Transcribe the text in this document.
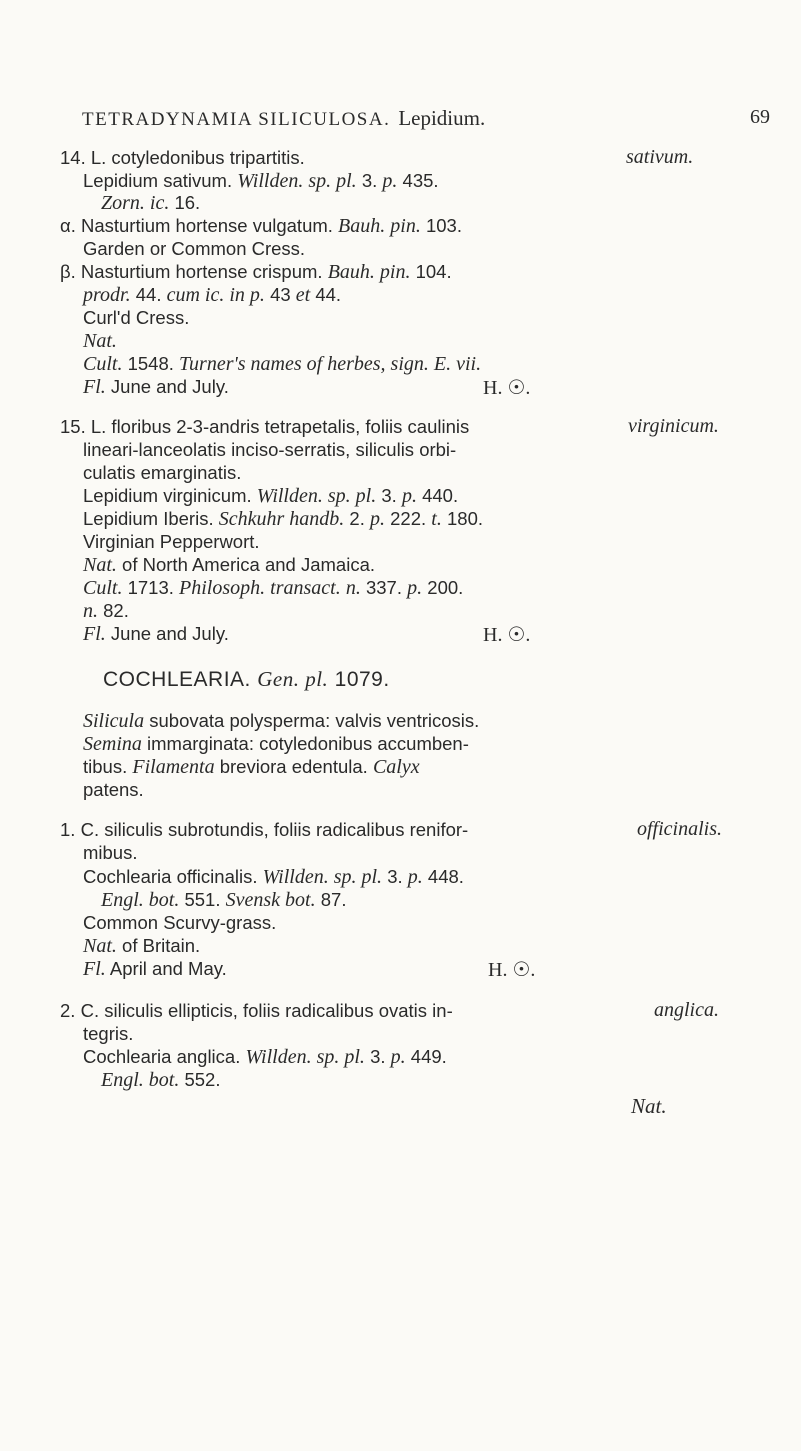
TETRADYNAMIA SILICULOSA. Lepidium.	69
14. L. cotyledonibus tripartitis.	sativum.
Lepidium sativum. Willden. sp. pl. 3. p. 435.
Zorn. ic. 16.
α. Nasturtium hortense vulgatum. Bauh. pin. 103.
Garden or Common Cress.
β. Nasturtium hortense crispum. Bauh. pin. 104.
prodr. 44. cum ic. in p. 43 et 44.
Curl'd Cress.
Nat.
Cult. 1548. Turner's names of herbes, sign. E. vii.
Fl. June and July.	H. ☉.
15. L. floribus 2-3-andris tetrapetalis, foliis caulinis	virginicum.
lineari-lanceolatis inciso-serratis, siliculis orbi-
culatis emarginatis.
Lepidium virginicum. Willden. sp. pl. 3. p. 440.
Lepidium Iberis. Schkuhr handb. 2. p. 222. t. 180.
Virginian Pepperwort.
Nat. of North America and Jamaica.
Cult. 1713. Philosoph. transact. n. 337. p. 200.
n. 82.
Fl. June and July.	H. ☉.
COCHLEARIA. Gen. pl. 1079.
Silicula subovata polysperma: valvis ventricosis.
Semina immarginata: cotyledonibus accumben-
tibus. Filamenta breviora edentula. Calyx
patens.
1. C. siliculis subrotundis, foliis radicalibus renifor-	officinalis.
mibus.
Cochlearia officinalis. Willden. sp. pl. 3. p. 448.
Engl. bot. 551. Svensk bot. 87.
Common Scurvy-grass.
Nat. of Britain.
Fl. April and May.	H. ☉.
2. C. siliculis ellipticis, foliis radicalibus ovatis in-	anglica.
tegris.
Cochlearia anglica. Willden. sp. pl. 3. p. 449.
Engl. bot. 552.
Nat.
